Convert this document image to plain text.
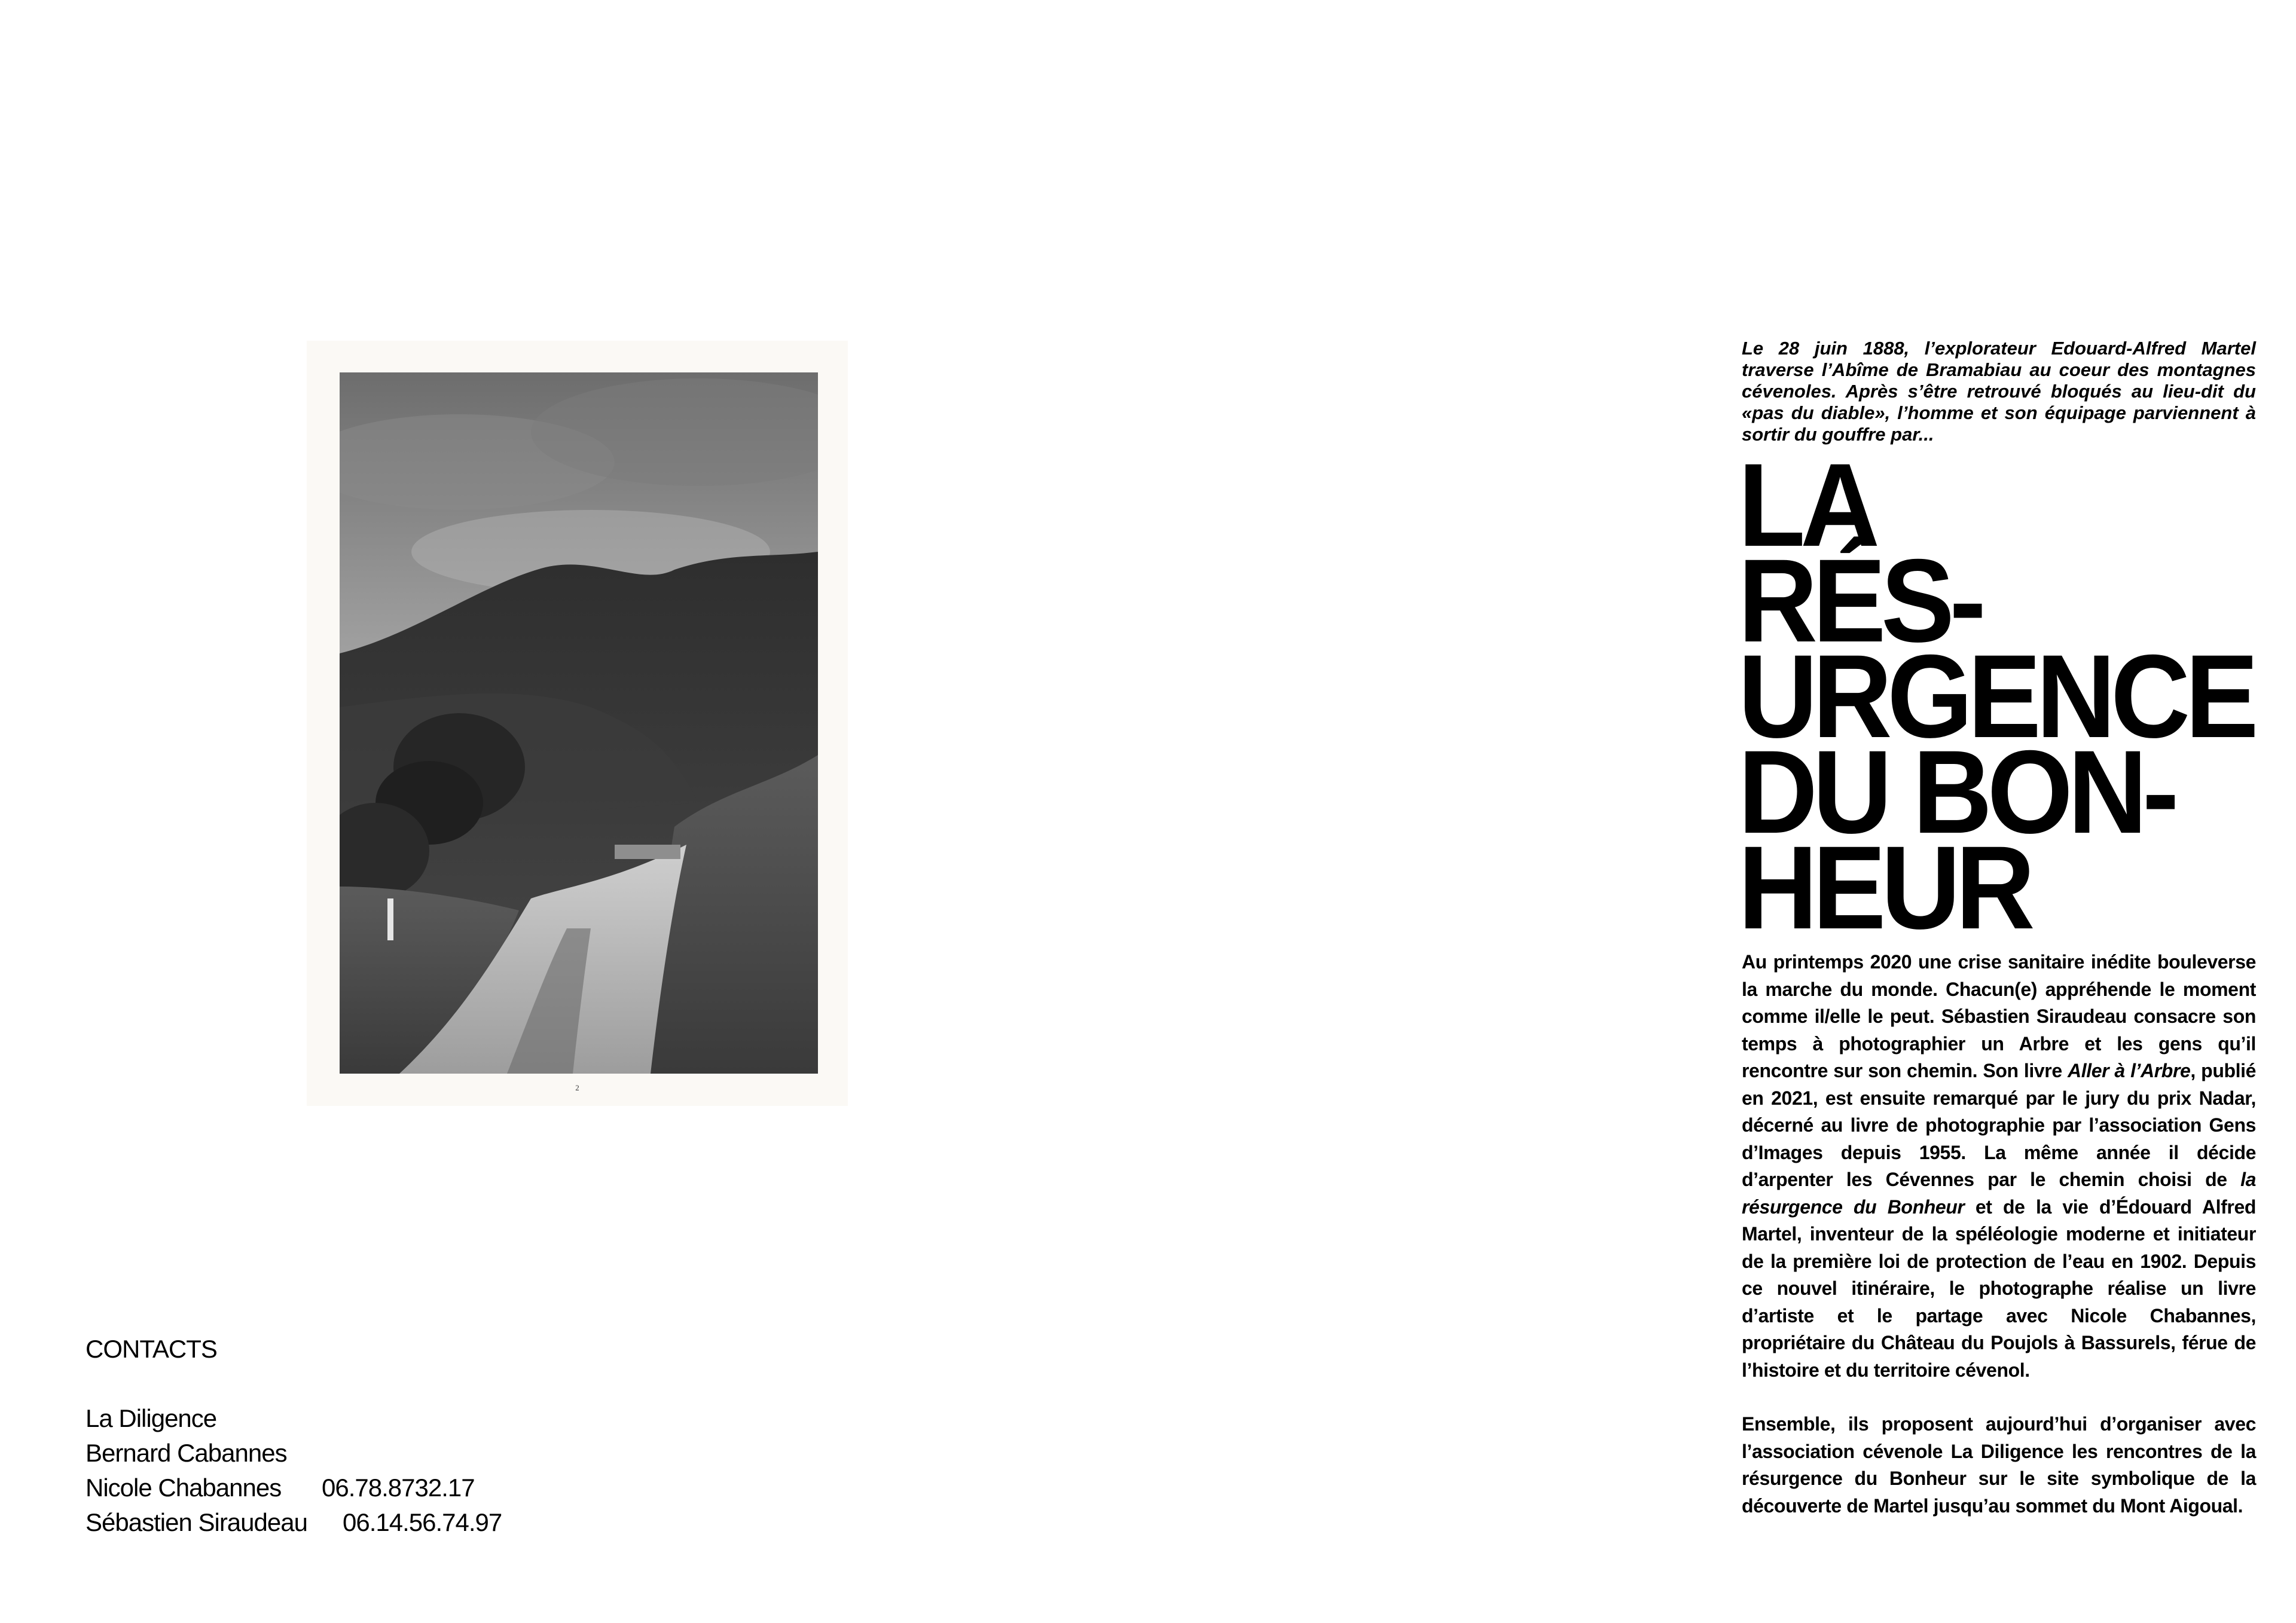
2
CONTACTS
La Diligence
Bernard Cabannes
Nicole Chabannes 06.78.8732.17
Sébastien Siraudeau 06.14.56.74.97

Le 28 juin 1888, l’explorateur Edouard-Alfred Martel traverse l’Abîme de Bramabiau au coeur des montagnes cévenoles. Après s’être retrouvé bloqués au lieu-dit du «pas du diable», l’homme et son équipage parviennent à sortir du gouffre par...

LA
RÉS-
URGENCE
DU BON-
HEUR

Au printemps 2020 une crise sanitaire inédite bouleverse la marche du monde. Chacun(e) appréhende le moment comme il/elle le peut. Sébastien Siraudeau consacre son temps à photographier un Arbre et les gens qu’il rencontre sur son chemin. Son livre Aller à l’Arbre, publié en 2021, est ensuite remarqué par le jury du prix Nadar, décerné au livre de photographie par l’association Gens d’Images depuis 1955. La même année il décide d’arpenter les Cévennes par le chemin choisi de la résurgence du Bonheur et de la vie d’Édouard Alfred Martel, inventeur de la spéléologie moderne et initiateur de la première loi de protection de l’eau en 1902. Depuis ce nouvel itinéraire, le photographe réalise un livre d’artiste et le partage avec Nicole Chabannes, propriétaire du Château du Poujols à Bassurels, férue de l’histoire et du territoire cévenol.

Ensemble, ils proposent aujourd’hui d’organiser avec l’association cévenole La Diligence les rencontres de la résurgence du Bonheur sur le site symbolique de la découverte de Martel jusqu’au sommet du Mont Aigoual.
